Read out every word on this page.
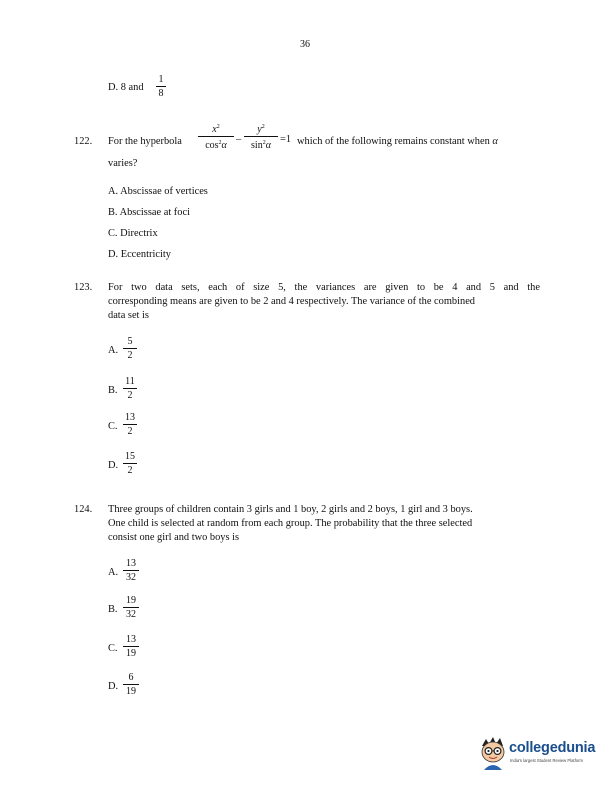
36
D. 8 and
1
8
122. For the hyperbola
$x^2$
$\cos^2\alpha$
–
$y^2$
$\sin^2\alpha$
=1 which of the following remains constant when α
varies?
A. Abscissae of vertices
B. Abscissae at foci
C. Directrix
D. Eccentricity
123. For two data sets, each of size 5, the variances are given to be 4 and 5 and the
corresponding means are given to be 2 and 4 respectively. The variance of the combined
data set is
A.
5
2
B.
11
2
C.
13
2
D.
15
2
124. Three groups of children contain 3 girls and 1 boy, 2 girls and 2 boys, 1 girl and 3 boys.
One child is selected at random from each group. The probability that the three selected
consist one girl and two boys is
A.
13
32
B.
19
32
C.
13
19
D.
6
19
collegedunia
India's largest Student Review Platform
